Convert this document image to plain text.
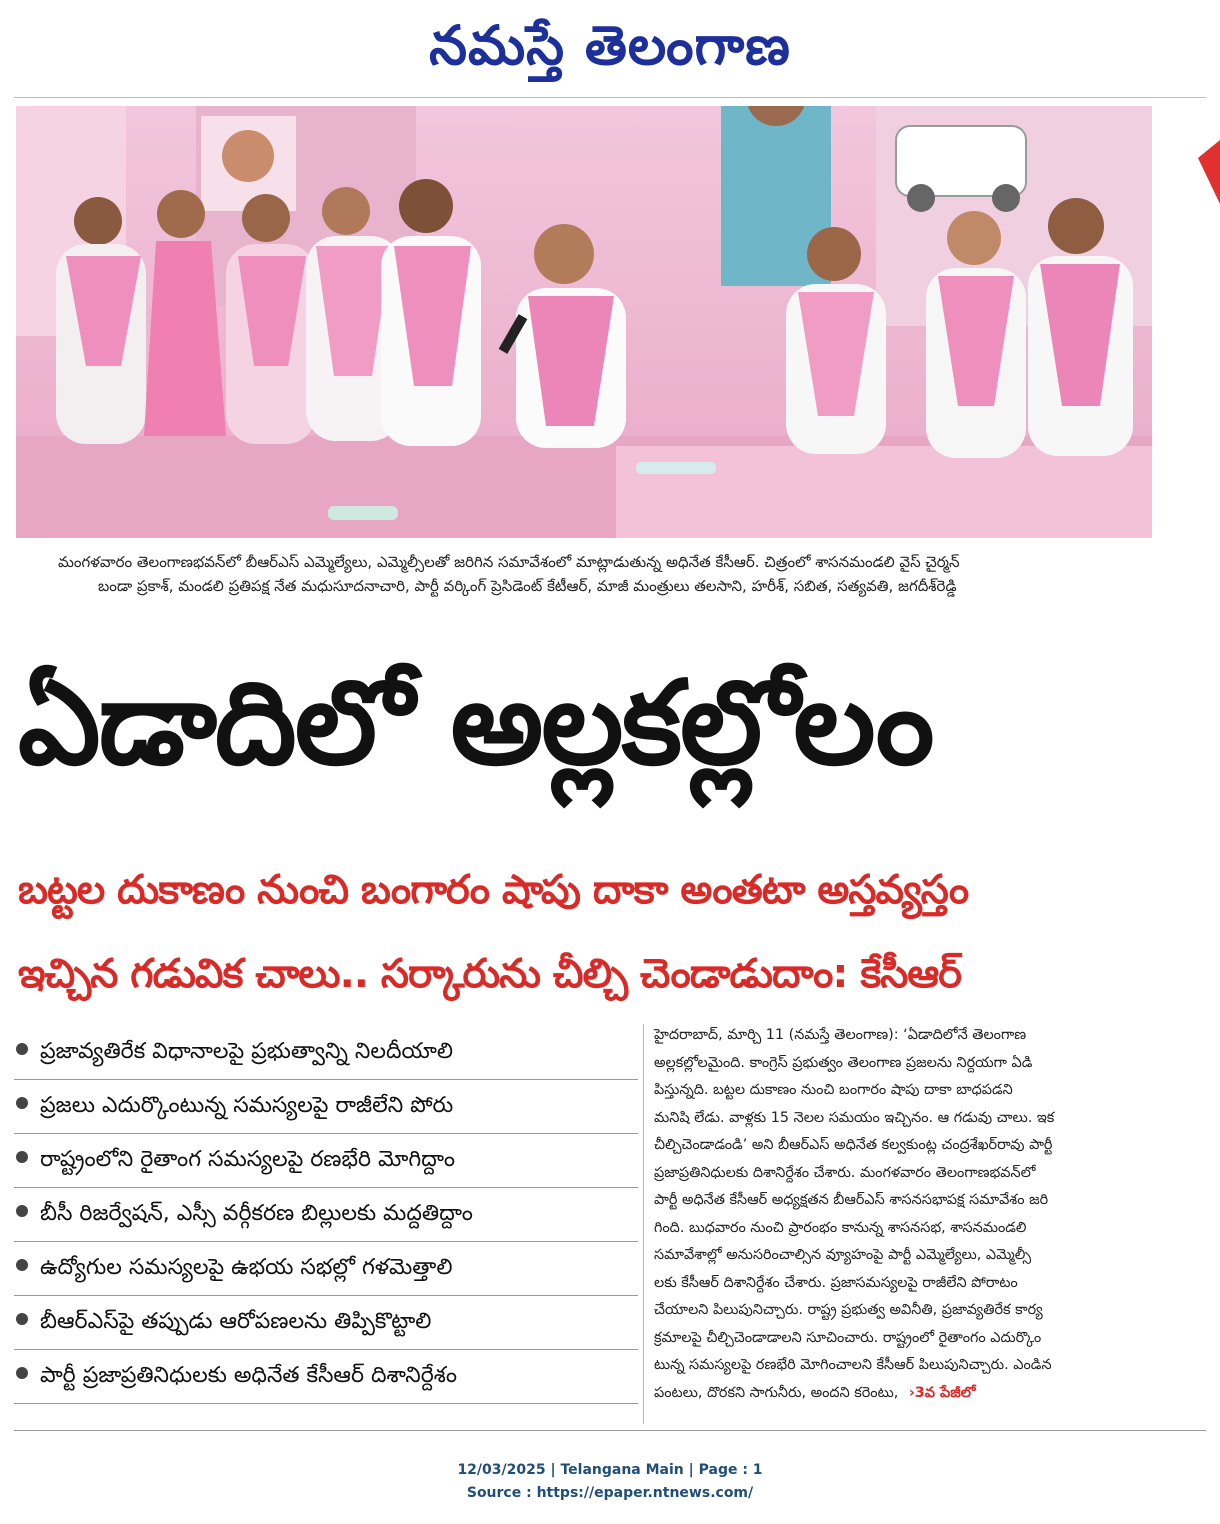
నమస్తే తెలంగాణ

మంగళవారం తెలంగాణభవన్‌లో బీఆర్‌ఎస్‌ ఎమ్మెల్యేలు, ఎమ్మెల్సీలతో జరిగిన సమావేశంలో మాట్లాడుతున్న అధినేత కేసీఆర్‌. చిత్రంలో శాసనమండలి వైస్‌ చైర్మన్‌

బండా ప్రకాశ్‌, మండలి ప్రతిపక్ష నేత మధుసూదనాచారి, పార్టీ వర్కింగ్‌ ప్రెసిడెంట్‌ కేటీఆర్‌, మాజీ మంత్రులు తలసాని, హరీశ్‌, సబిత, సత్యవతి, జగదీశ్‌రెడ్డి

ఏడాదిలో అల్లకల్లోలం
బట్టల దుకాణం నుంచి బంగారం షాపు దాకా అంతటా అస్తవ్యస్తం
ఇచ్చిన గడువిక చాలు.. సర్కారును చీల్చి చెండాడుదాం: కేసీఆర్‌
ప్రజావ్యతిరేక విధానాలపై ప్రభుత్వాన్ని నిలదీయాలి
ప్రజలు ఎదుర్కొంటున్న సమస్యలపై రాజీలేని పోరు
రాష్ట్రంలోని రైతాంగ సమస్యలపై రణభేరి మోగిద్దాం
బీసీ రిజర్వేషన్‌, ఎస్సీ వర్గీకరణ బిల్లులకు మద్దతిద్దాం
ఉద్యోగుల సమస్యలపై ఉభయ సభల్లో గళమెత్తాలి
బీఆర్‌ఎస్‌పై తప్పుడు ఆరోపణలను తిప్పికొట్టాలి
పార్టీ ప్రజాప్రతినిధులకు అధినేత కేసీఆర్‌ దిశానిర్దేశం

హైదరాబాద్‌, మార్చి 11 (నమస్తే తెలంగాణ): ‘ఏడాదిలోనే తెలంగాణ

అల్లకల్లోలమైంది. కాంగ్రెస్‌ ప్రభుత్వం తెలంగాణ ప్రజలను నిర్దయగా ఏడి

పిస్తున్నది. బట్టల దుకాణం నుంచి బంగారం షాపు దాకా బాధపడని

మనిషి లేడు. వాళ్లకు 15 నెలల సమయం ఇచ్చినం. ఆ గడువు చాలు. ఇక

చీల్చిచెండాడండి’ అని బీఆర్‌ఎస్‌ అధినేత కల్వకుంట్ల చంద్రశేఖర్‌రావు పార్టీ

ప్రజాప్రతినిధులకు దిశానిర్దేశం చేశారు. మంగళవారం తెలంగాణభవన్‌లో

పార్టీ అధినేత కేసీఆర్‌ అధ్యక్షతన బీఆర్‌ఎస్‌ శాసనసభాపక్ష సమావేశం జరి

గింది. బుధవారం నుంచి ప్రారంభం కానున్న శాసనసభ, శాసనమండలి

సమావేశాల్లో అనుసరించాల్సిన వ్యూహంపై పార్టీ ఎమ్మెల్యేలు, ఎమ్మెల్సీ

లకు కేసీఆర్‌ దిశానిర్దేశం చేశారు. ప్రజాసమస్యలపై రాజీలేని పోరాటం

చేయాలని పిలుపునిచ్చారు. రాష్ట్ర ప్రభుత్వ అవినీతి, ప్రజావ్యతిరేక కార్య

క్రమాలపై చీల్చిచెండాడాలని సూచించారు. రాష్ట్రంలో రైతాంగం ఎదుర్కొం

టున్న సమస్యలపై రణభేరి మోగించాలని కేసీఆర్‌ పిలుపునిచ్చారు. ఎండిన

పంటలు, దొరకని సాగునీరు, అందని కరెంటు, ›3వ పేజీలో

12/03/2025 | Telangana Main | Page : 1
Source : https://epaper.ntnews.com/
